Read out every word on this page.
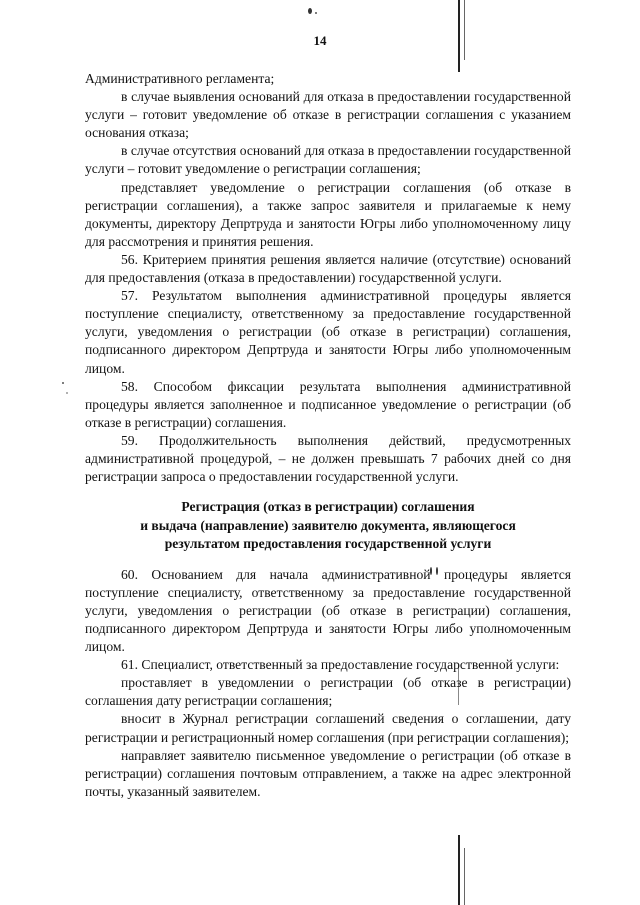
14

Административного регламента;

в случае выявления оснований для отказа в предоставлении государственной услуги – готовит уведомление об отказе в регистрации соглашения с указанием основания отказа;

в случае отсутствия оснований для отказа в предоставлении государственной услуги – готовит уведомление о регистрации соглашения;

представляет уведомление о регистрации соглашения (об отказе в регистрации соглашения), а также запрос заявителя и прилагаемые к нему документы, директору Депртруда и занятости Югры либо уполномоченному лицу для рассмотрения и принятия решения.

56. Критерием принятия решения является наличие (отсутствие) оснований для предоставления (отказа в предоставлении) государственной услуги.

57. Результатом выполнения административной процедуры является поступление специалисту, ответственному за предоставление государственной услуги, уведомления о регистрации (об отказе в регистрации) соглашения, подписанного директором Депртруда и занятости Югры либо уполномоченным лицом.

58. Способом фиксации результата выполнения административной процедуры является заполненное и подписанное уведомление о регистрации (об отказе в регистрации) соглашения.

59. Продолжительность выполнения действий, предусмотренных административной процедурой, – не должен превышать 7 рабочих дней со дня регистрации запроса о предоставлении государственной услуги.

Регистрация (отказ в регистрации) соглашения
и выдача (направление) заявителю документа, являющегося
результатом предоставления государственной услуги

60. Основанием для начала административной процедуры является поступление специалисту, ответственному за предоставление государственной услуги, уведомления о регистрации (об отказе в регистрации) соглашения, подписанного директором Депртруда и занятости Югры либо уполномоченным лицом.

61. Специалист, ответственный за предоставление государственной услуги:

проставляет в уведомлении о регистрации (об отказе в регистрации) соглашения дату регистрации соглашения;

вносит в Журнал регистрации соглашений сведения о соглашении, дату регистрации и регистрационный номер соглашения (при регистрации соглашения);

направляет заявителю письменное уведомление о регистрации (об отказе в регистрации) соглашения почтовым отправлением, а также на адрес электронной почты, указанный заявителем.
